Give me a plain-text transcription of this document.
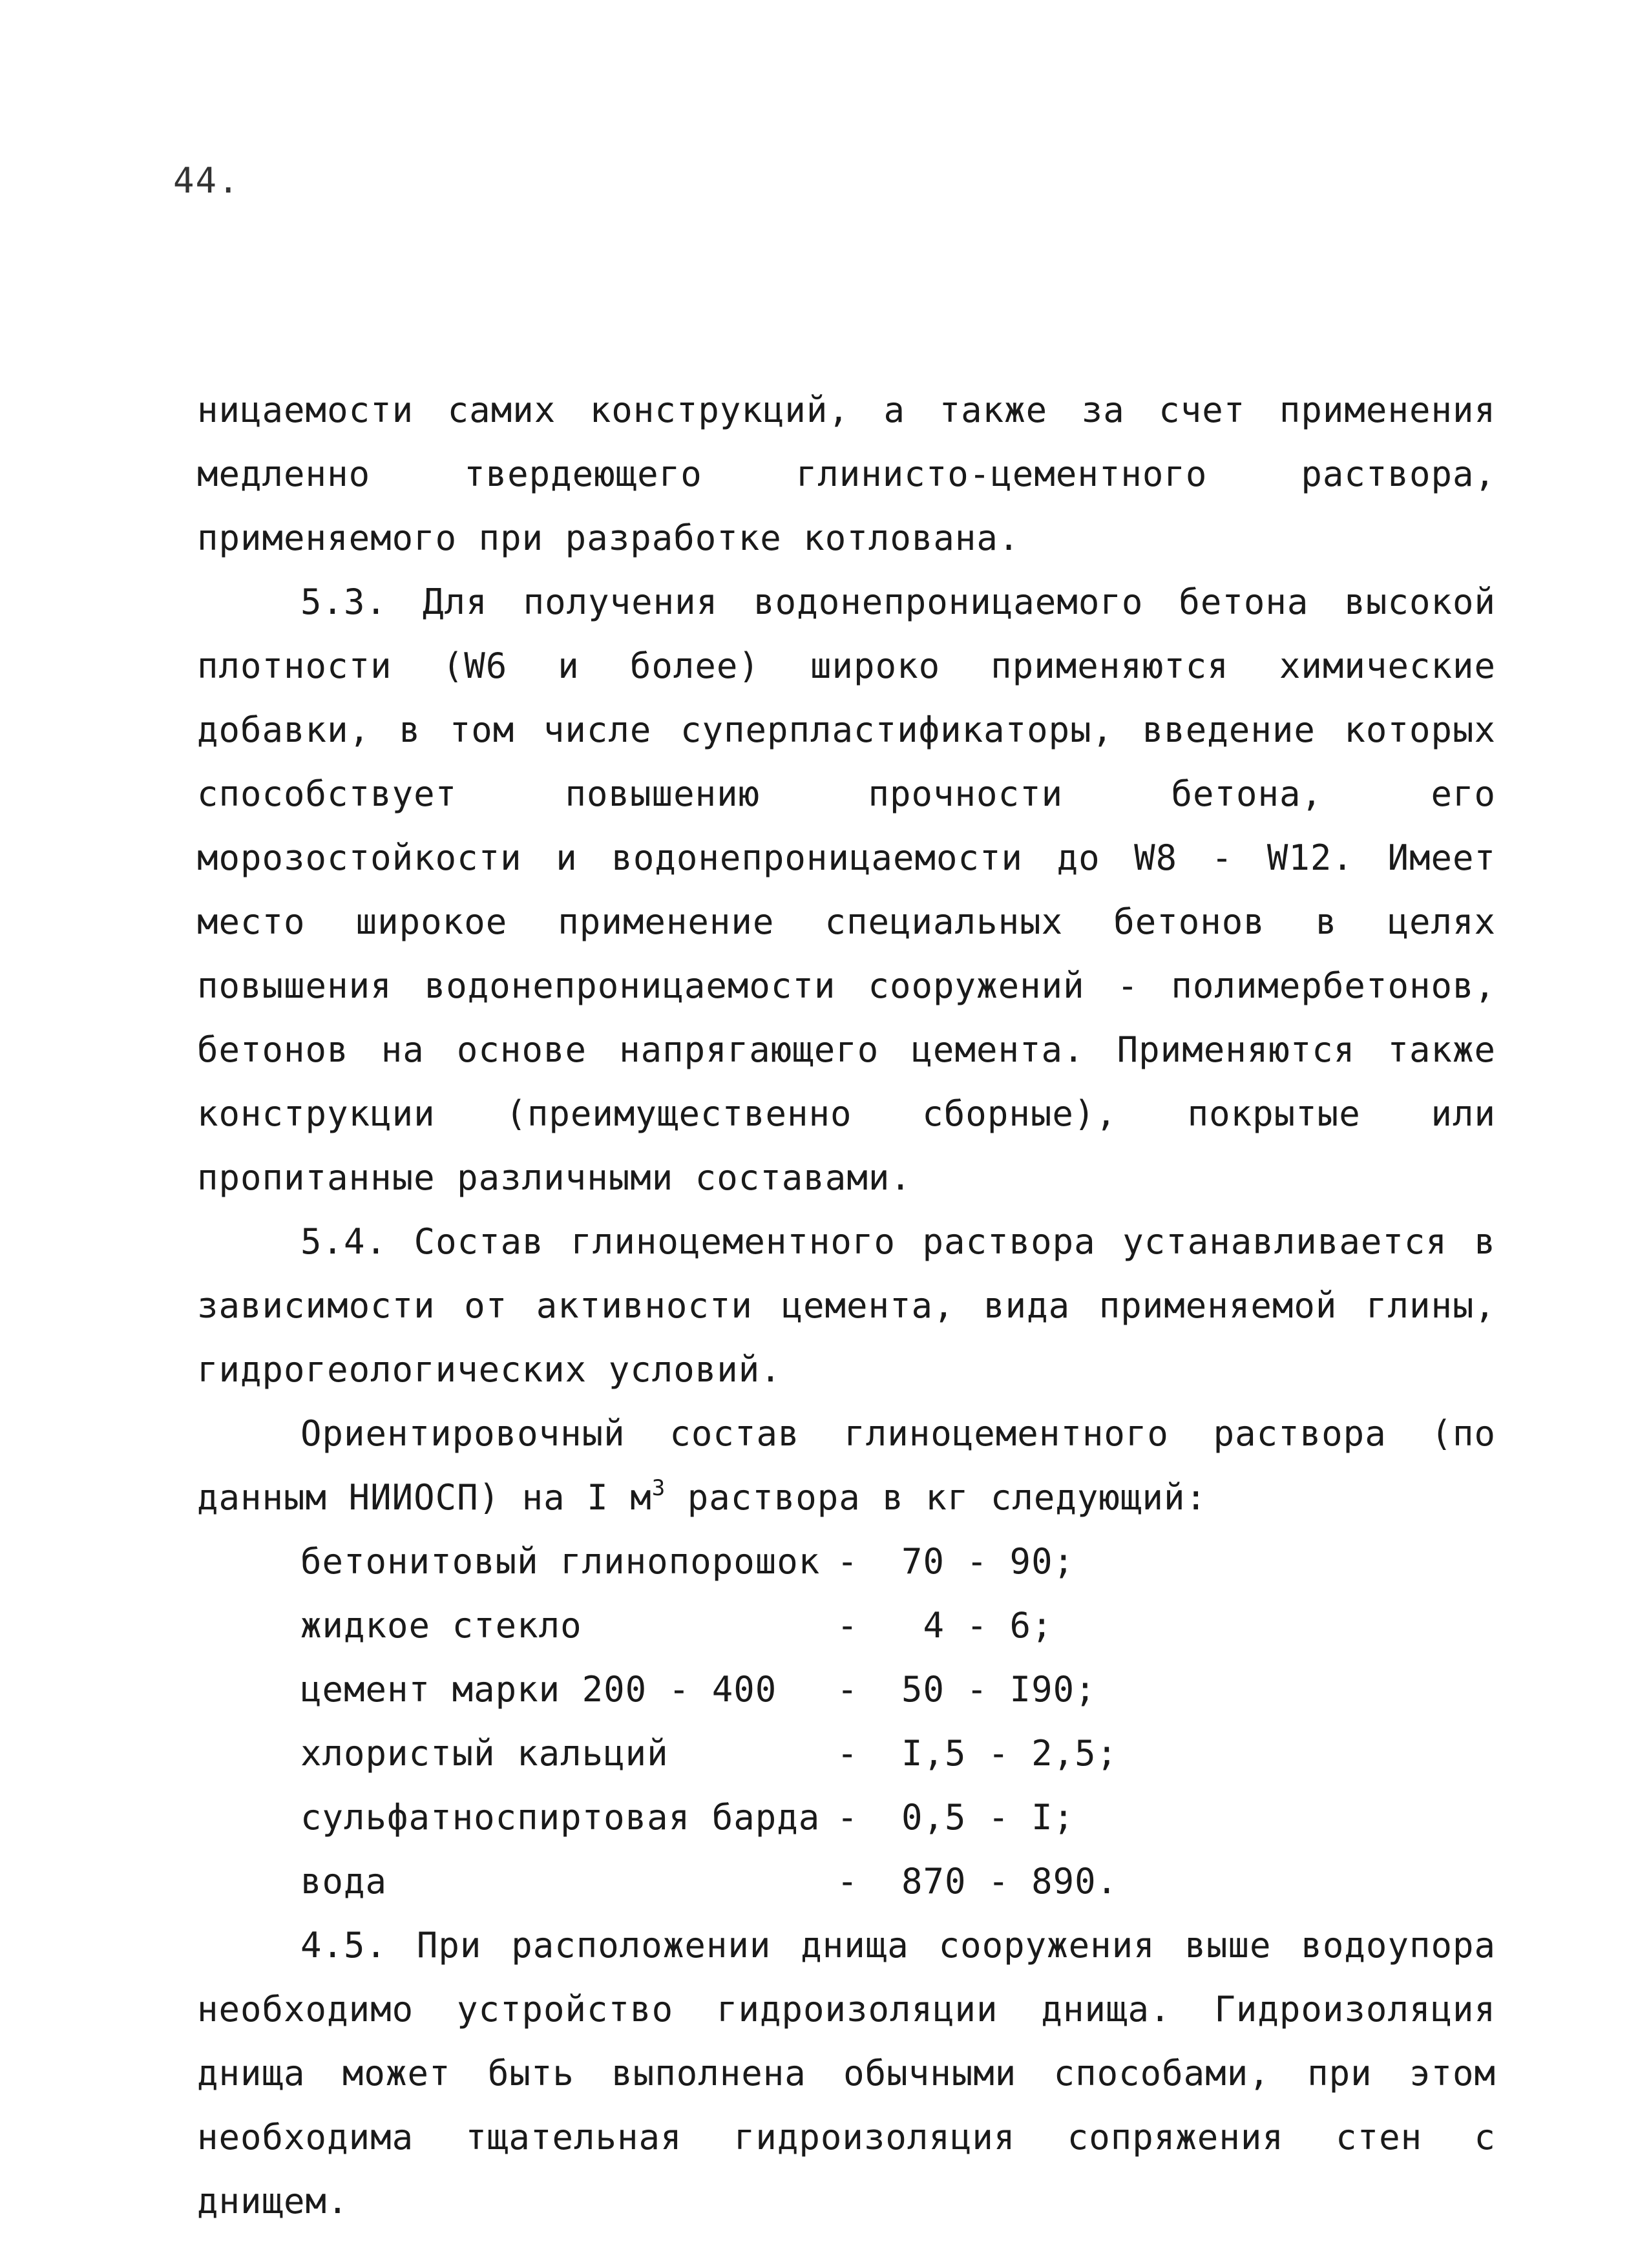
44.

ницаемости самих конструкций, а также за счет применения медленно твердеющего глинисто-цементного раствора, применяемого при разработке котлована.

5.3. Для получения водонепроницаемого бетона высокой плотности (W6 и более) широко применяются химические добавки, в том числе суперпластификаторы, введение которых способствует повышению прочности бетона, его морозостойкости и водонепроницаемости до W8 - W12. Имеет место широкое применение специальных бетонов в целях повышения водонепроницаемости сооружений - полимербетонов, бетонов на основе напрягающего цемента. Применяются также конструкции (преимущественно сборные), покрытые или пропитанные различными составами.

5.4. Состав глиноцементного раствора устанавливается в зависимости от активности цемента, вида применяемой глины, гидрогеологических условий.

Ориентировочный состав глиноцементного раствора (по данным НИИОСП) на I $м^3$ раствора в кг следующий:

бетонитовый глинопорошок -	70 - 90;
жидкое стекло	-	4 - 6;
цемент марки 200 - 400	-	50 - I90;
хлористый кальций	-	I,5 - 2,5;
сульфатноспиртовая барда -	0,5 - I;
вода	-	870 - 890.

4.5. При расположении днища сооружения выше водоупора необходимо устройство гидроизоляции днища. Гидроизоляция днища может быть выполнена обычными способами, при этом необходима тщательная гидроизоляция сопряжения стен с днищем.
